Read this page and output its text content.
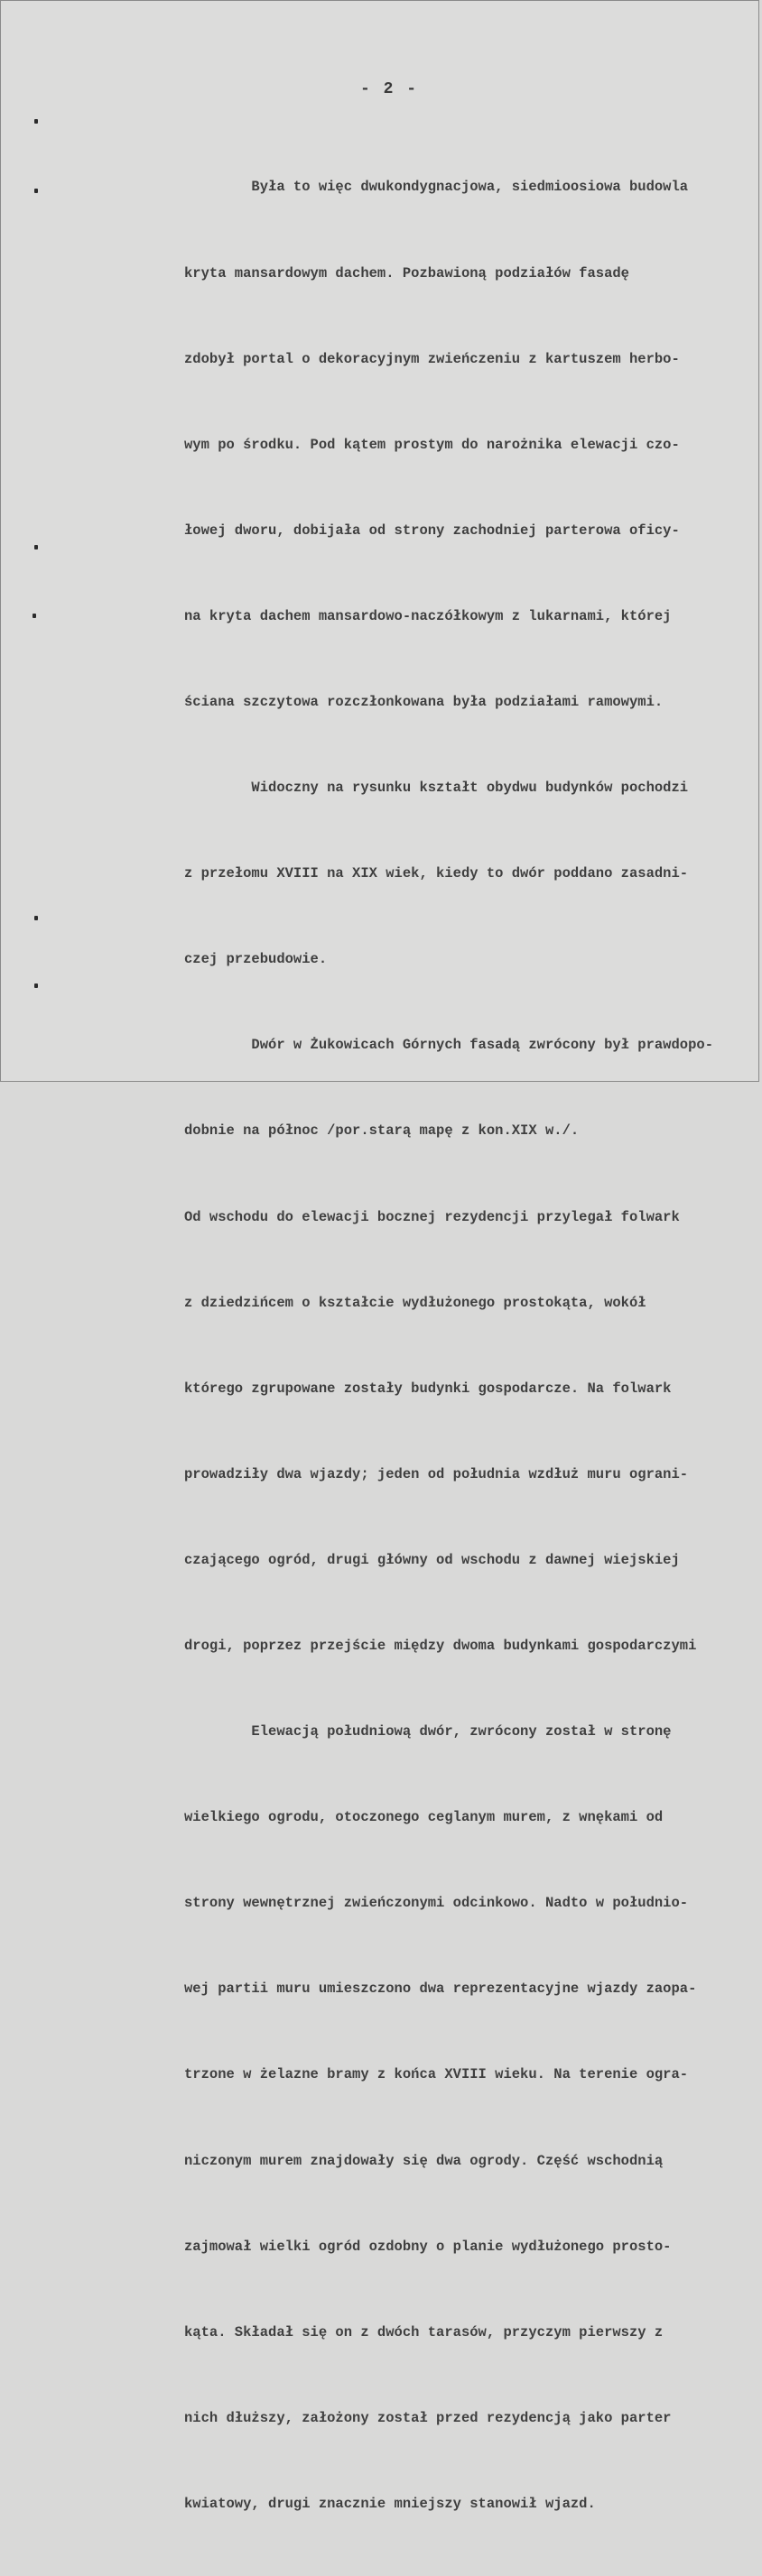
- 2 -

Była to więc dwukondygnacjowa, siedmioosiowa budowla

kryta mansardowym dachem. Pozbawioną podziałów fasadę

zdobył portal o dekoracyjnym zwieńczeniu z kartuszem herbo-

wym po środku. Pod kątem prostym do narożnika elewacji czo-

łowej dworu, dobijała od strony zachodniej parterowa oficy-

na kryta dachem mansardowo-naczółkowym z lukarnami, której

ściana szczytowa rozczłonkowana była podziałami ramowymi.

Widoczny na rysunku kształt obydwu budynków pochodzi

z przełomu XVIII na XIX wiek, kiedy to dwór poddano zasadni-

czej przebudowie.

Dwór w Żukowicach Górnych fasadą zwrócony był prawdopo-

dobnie na północ /por.starą mapę z kon.XIX w./.

Od wschodu do elewacji bocznej rezydencji przylegał folwark

z dziedzińcem o kształcie wydłużonego prostokąta, wokół

którego zgrupowane zostały budynki gospodarcze. Na folwark

prowadziły dwa wjazdy; jeden od południa wzdłuż muru ograni-

czającego ogród, drugi główny od wschodu z dawnej wiejskiej

drogi, poprzez przejście między dwoma budynkami gospodarczymi

Elewacją południową dwór, zwrócony został w stronę

wielkiego ogrodu, otoczonego ceglanym murem, z wnękami od

strony wewnętrznej zwieńczonymi odcinkowo. Nadto w południo-

wej partii muru umieszczono dwa reprezentacyjne wjazdy zaopa-

trzone w żelazne bramy z końca XVIII wieku. Na terenie ogra-

niczonym murem znajdowały się dwa ogrody. Część wschodnią

zajmował wielki ogród ozdobny o planie wydłużonego prosto-

kąta. Składał się on z dwóch tarasów, przyczym pierwszy z

nich dłuższy, założony został przed rezydencją jako parter

kwiatowy, drugi znacznie mniejszy stanowił wjazd.
